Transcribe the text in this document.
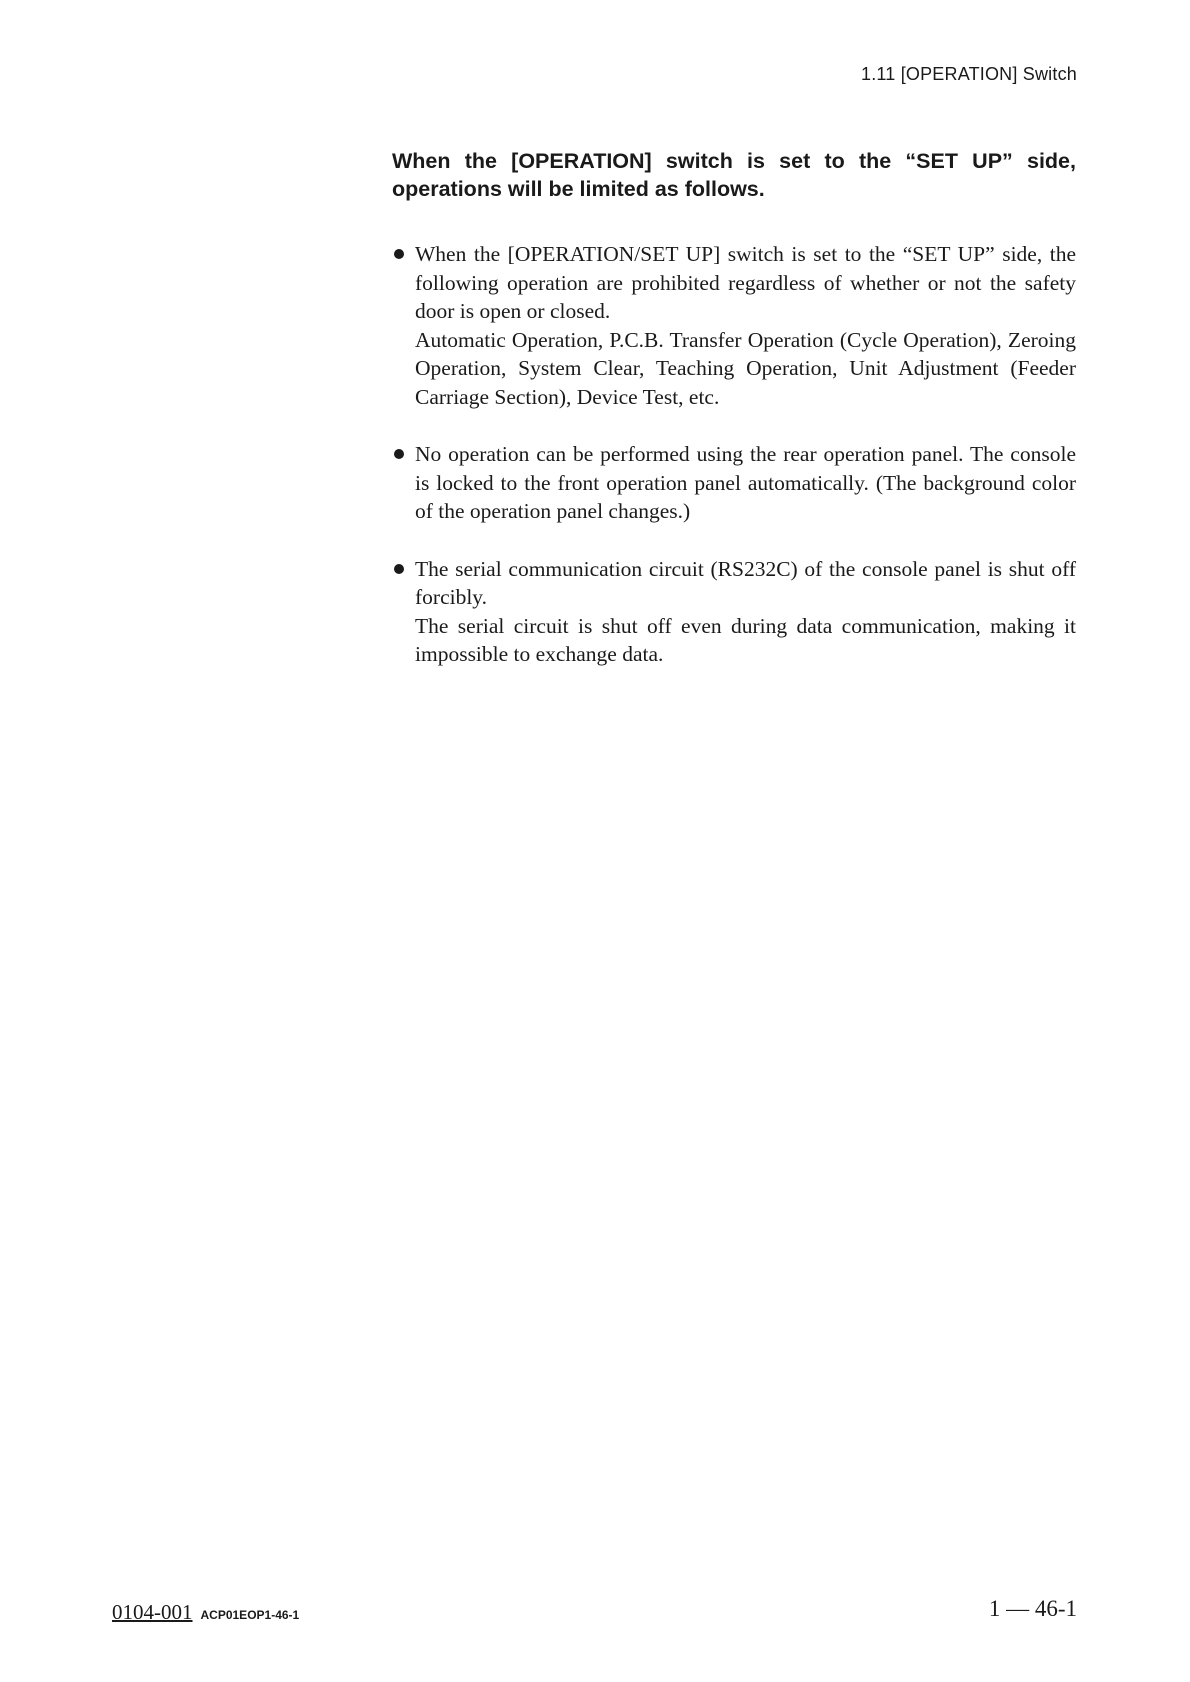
1.11 [OPERATION] Switch
When the [OPERATION] switch is set to the “SET UP” side, operations will be limited as follows.
When the [OPERATION/SET UP] switch is set to the “SET UP” side, the following operation are prohibited regardless of whether or not the safety door is open or closed.
Automatic Operation, P.C.B. Transfer Operation (Cycle Operation), Zeroing Operation, System Clear, Teaching Operation, Unit Adjustment (Feeder Carriage Section), Device Test, etc.
No operation can be performed using the rear operation panel. The console is locked to the front operation panel automatically. (The background color of the operation panel changes.)
The serial communication circuit (RS232C) of the console panel is shut off forcibly.
The serial circuit is shut off even during data communication, making it impossible to exchange data.
0104-001 ACP01EOP1-46-1	1 — 46-1
